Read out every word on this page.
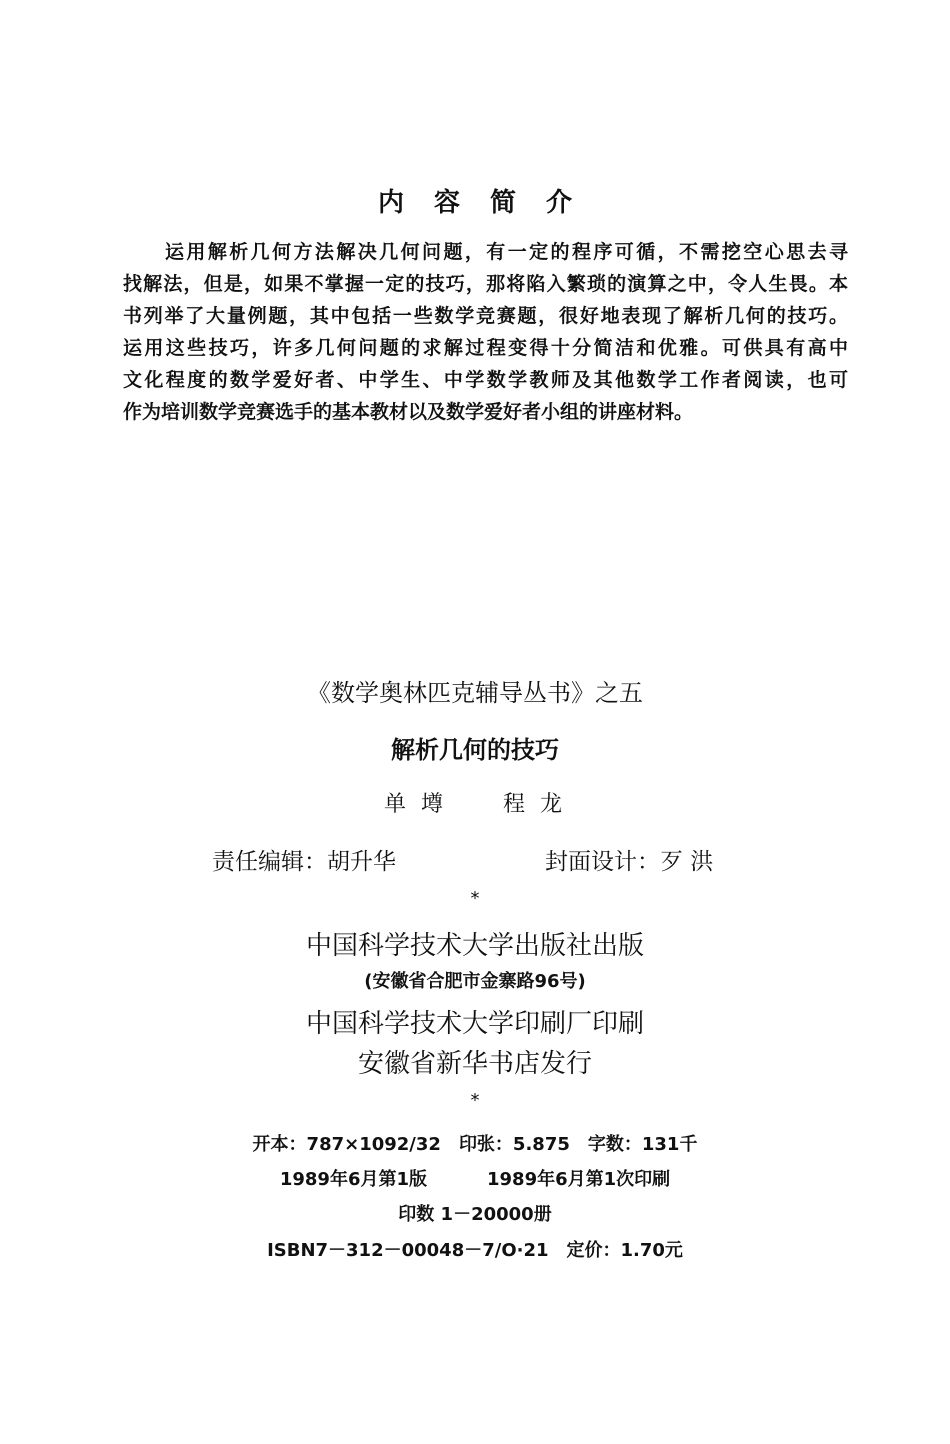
内容简介
运用解析几何方法解决几何问题，有一定的程序可循，不需挖空心思去寻
找解法，但是，如果不掌握一定的技巧，那将陷入繁琐的演算之中，令人生畏。本
书列举了大量例题，其中包括一些数学竞赛题，很好地表现了解析几何的技巧。
运用这些技巧，许多几何问题的求解过程变得十分简洁和优雅。可供具有高中
文化程度的数学爱好者、中学生、中学数学教师及其他数学工作者阅读，也可
作为培训数学竞赛选手的基本教材以及数学爱好者小组的讲座材料。
《数学奥林匹克辅导丛书》之五
解析几何的技巧
单 墫	程 龙
责任编辑：胡升华	封面设计：歹 洪
*
中国科学技术大学出版社出版
(安徽省合肥市金寨路96号)
中国科学技术大学印刷厂印刷
安徽省新华书店发行
*
开本：787×1092/32 印张：5.875 字数：131千
1989年6月第1版	1989年6月第1次印刷
印数 1－20000册
ISBN7－312－00048－7/O·21 定价：1.70元
